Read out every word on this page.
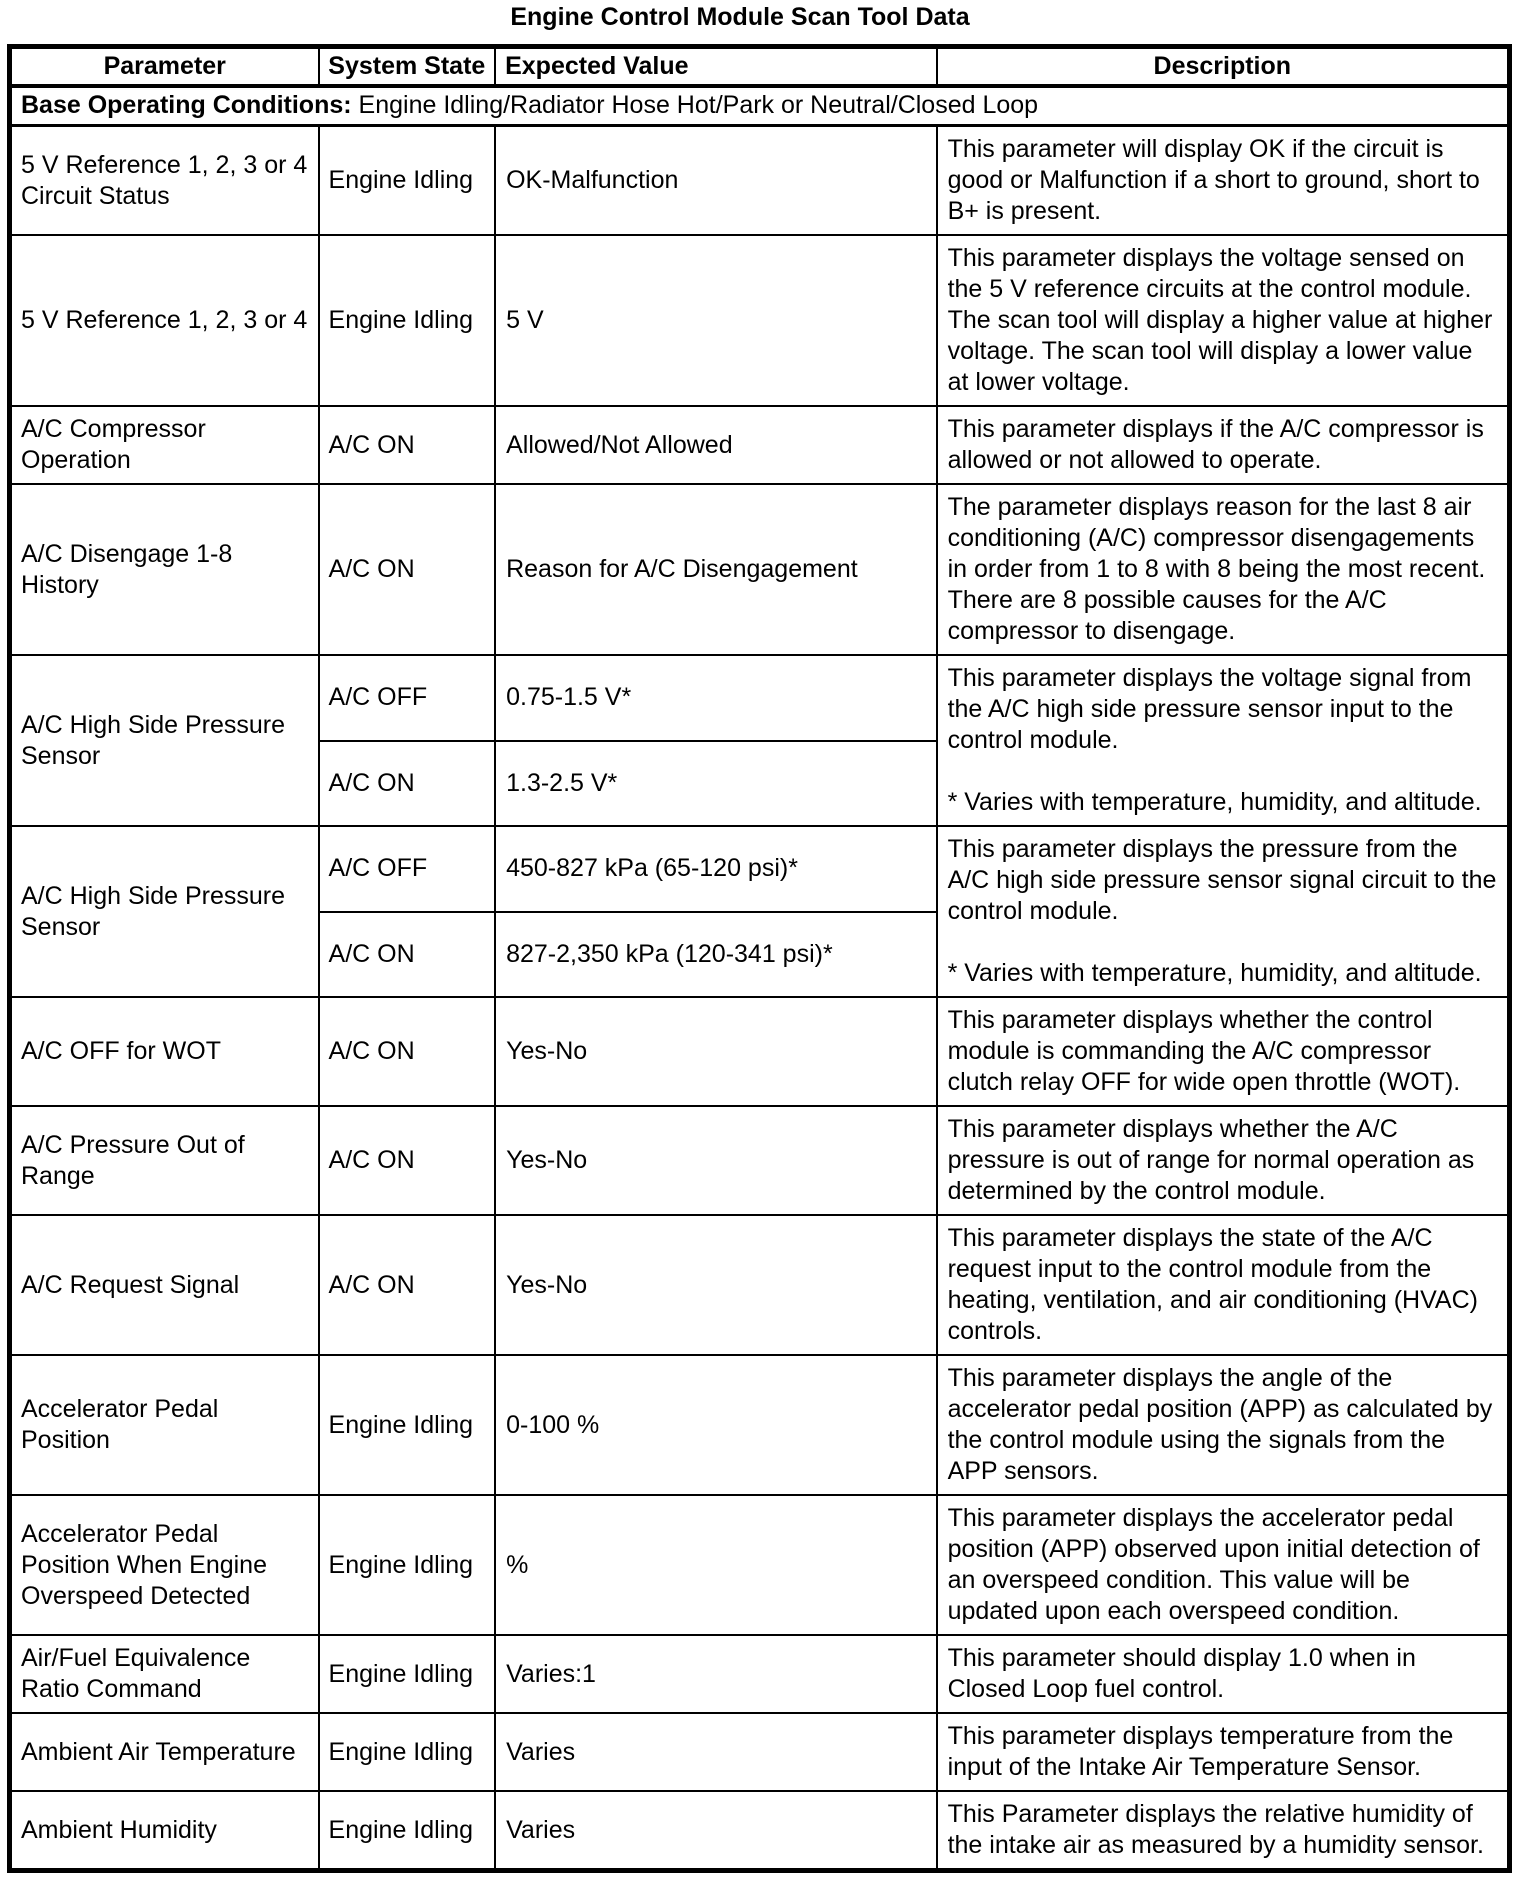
Engine Control Module Scan Tool Data
Parameter	System State	Expected Value	Description
Base Operating Conditions: Engine Idling/Radiator Hose Hot/Park or Neutral/Closed Loop			
5 V Reference 1, 2, 3 or 4 Circuit Status	Engine Idling	OK-Malfunction	This parameter will display OK if the circuit is good or Malfunction if a short to ground, short to B+ is present.

5 V Reference 1, 2, 3 or 4	Engine Idling	5 V	This parameter displays the voltage sensed on the 5 V reference circuits at the control module. The scan tool will display a higher value at higher voltage. The scan tool will display a lower value at lower voltage.

A/C Compressor Operation	A/C ON	Allowed/Not Allowed	This parameter displays if the A/C compressor is allowed or not allowed to operate.

A/C Disengage 1-8 History	A/C ON	Reason for A/C Disengagement	The parameter displays reason for the last 8 air conditioning (A/C) compressor disengagements in order from 1 to 8 with 8 being the most recent. There are 8 possible causes for the A/C compressor to disengage.

A/C High Side Pressure Sensor	A/C OFF	0.75-1.5 V*	This parameter displays the voltage signal from the A/C high side pressure sensor input to the control module.

* Varies with temperature, humidity, and altitude.

	A/C ON	1.3-2.5 V*	
A/C High Side Pressure Sensor	A/C OFF	450-827 kPa (65-120 psi)*	This parameter displays the pressure from the A/C high side pressure sensor signal circuit to the control module.

* Varies with temperature, humidity, and altitude.

	A/C ON	827-2,350 kPa (120-341 psi)*	
A/C OFF for WOT	A/C ON	Yes-No	This parameter displays whether the control module is commanding the A/C compressor clutch relay OFF for wide open throttle (WOT).

A/C Pressure Out of Range	A/C ON	Yes-No	This parameter displays whether the A/C pressure is out of range for normal operation as determined by the control module.

A/C Request Signal	A/C ON	Yes-No	This parameter displays the state of the A/C request input to the control module from the heating, ventilation, and air conditioning (HVAC) controls.

Accelerator Pedal Position	Engine Idling	0-100 %	This parameter displays the angle of the accelerator pedal position (APP) as calculated by the control module using the signals from the APP sensors.

Accelerator Pedal Position When Engine Overspeed Detected	Engine Idling	%	This parameter displays the accelerator pedal position (APP) observed upon initial detection of an overspeed condition. This value will be updated upon each overspeed condition.

Air/Fuel Equivalence Ratio Command	Engine Idling	Varies:1	This parameter should display 1.0 when in Closed Loop fuel control.

Ambient Air Temperature	Engine Idling	Varies	This parameter displays temperature from the input of the Intake Air Temperature Sensor.

Ambient Humidity	Engine Idling	Varies	This Parameter displays the relative humidity of the intake air as measured by a humidity sensor.
